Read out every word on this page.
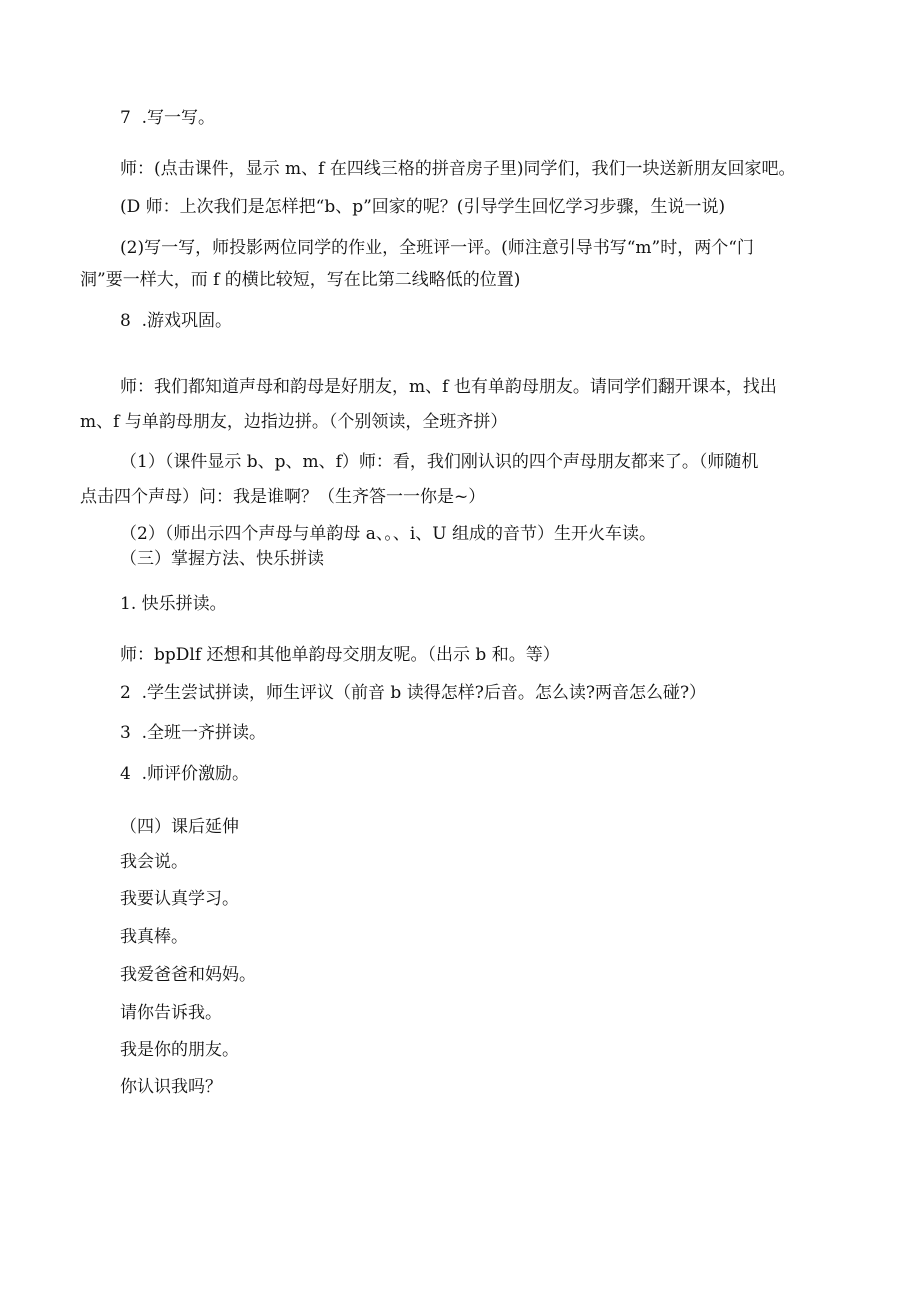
7  .写一写。

师：(点击课件，显示 m、f 在四线三格的拼音房子里)同学们，我们一块送新朋友回家吧。

(D 师：上次我们是怎样把“b、p”回家的呢？(引导学生回忆学习步骤，生说一说)

(2)写一写，师投影两位同学的作业，全班评一评。(师注意引导书写“m”时，两个“门

洞”要一样大，而 f 的横比较短，写在比第二线略低的位置)

8  .游戏巩固。

师：我们都知道声母和韵母是好朋友，m、f 也有单韵母朋友。请同学们翻开课本，找出

m、f 与单韵母朋友，边指边拼。（个别领读，全班齐拼）

（1）（课件显示 b、p、m、f）师：看，我们刚认识的四个声母朋友都来了。（师随机

点击四个声母）问：我是谁啊？（生齐答一一你是~）

（2）（师出示四个声母与单韵母 a、。、i、U 组成的音节）生开火车读。

（三）掌握方法、快乐拼读

1. 快乐拼读。

师：bpDlf 还想和其他单韵母交朋友呢。（出示 b 和。等）

2  .学生尝试拼读，师生评议（前音 b 读得怎样?后音。怎么读?两音怎么碰?）

3  .全班一齐拼读。

4  .师评价激励。

（四）课后延伸

我会说。

我要认真学习。

我真棒。

我爱爸爸和妈妈。

请你告诉我。

我是你的朋友。

你认识我吗？
